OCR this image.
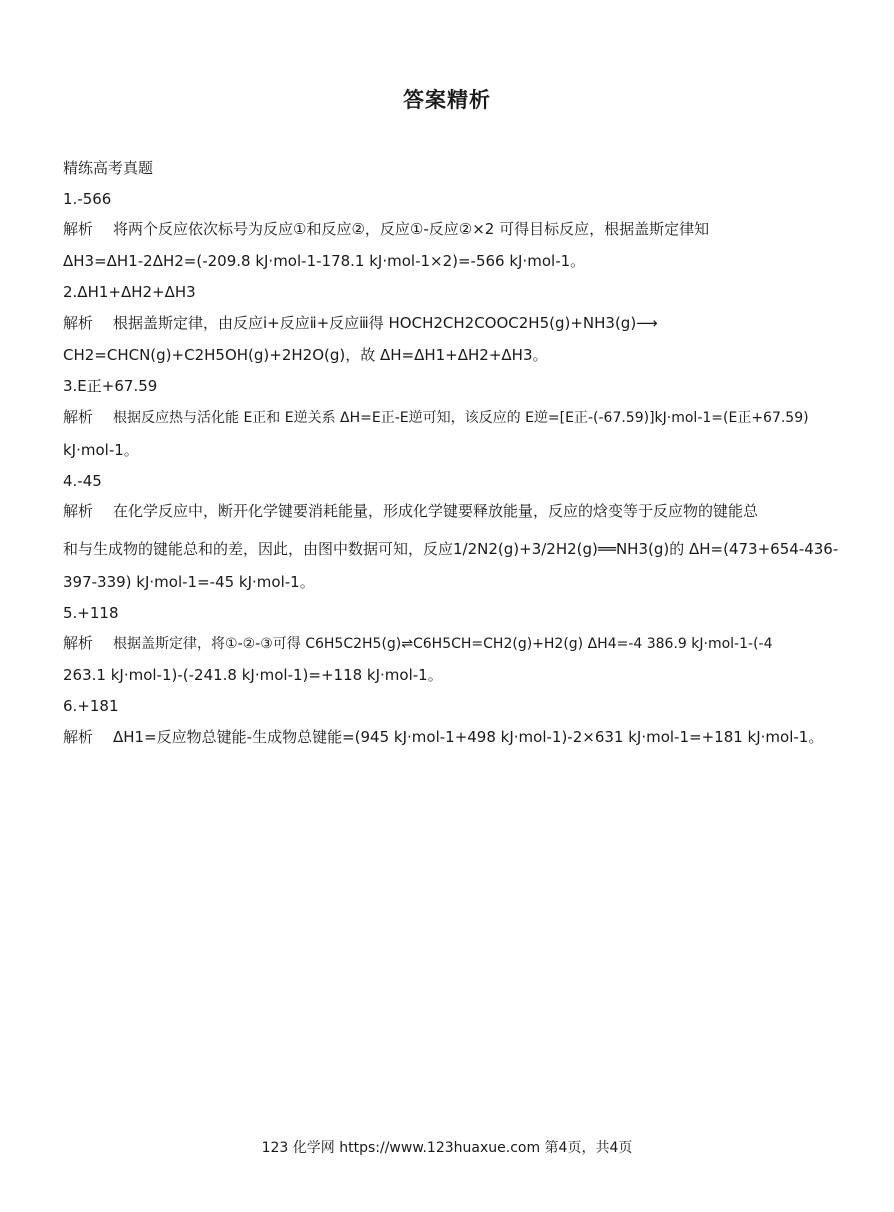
答案精析
精练高考真题
1.-566
解析 将两个反应依次标号为反应①和反应②，反应①-反应②×2 可得目标反应，根据盖斯定律知
ΔH3=ΔH1-2ΔH2=(-209.8 kJ·mol-1-178.1 kJ·mol-1×2)=-566 kJ·mol-1。
2.ΔH1+ΔH2+ΔH3
解析 根据盖斯定律，由反应ⅰ+反应ⅱ+反应ⅲ得 HOCH2CH2COOC2H5(g)+NH3(g)⟶
CH2=CHCN(g)+C2H5OH(g)+2H2O(g)，故 ΔH=ΔH1+ΔH2+ΔH3。
3.E正+67.59
解析 根据反应热与活化能 E正和 E逆关系 ΔH=E正-E逆可知，该反应的 E逆=[E正-(-67.59)]kJ·mol-1=(E正+67.59)
kJ·mol-1。
4.-45
解析 在化学反应中，断开化学键要消耗能量，形成化学键要释放能量，反应的焓变等于反应物的键能总
和与生成物的键能总和的差，因此，由图中数据可知，反应1/2N2(g)+3/2H2(g)══NH3(g)的 ΔH=(473+654-436-
397-339) kJ·mol-1=-45 kJ·mol-1。
5.+118
解析 根据盖斯定律，将①-②-③可得 C6H5C2H5(g)⇌C6H5CH=CH2(g)+H2(g) ΔH4=-4 386.9 kJ·mol-1-(-4
263.1 kJ·mol-1)-(-241.8 kJ·mol-1)=+118 kJ·mol-1。
6.+181
解析 ΔH1=反应物总键能-生成物总键能=(945 kJ·mol-1+498 kJ·mol-1)-2×631 kJ·mol-1=+181 kJ·mol-1。
123 化学网 https://www.123huaxue.com 第4页，共4页
